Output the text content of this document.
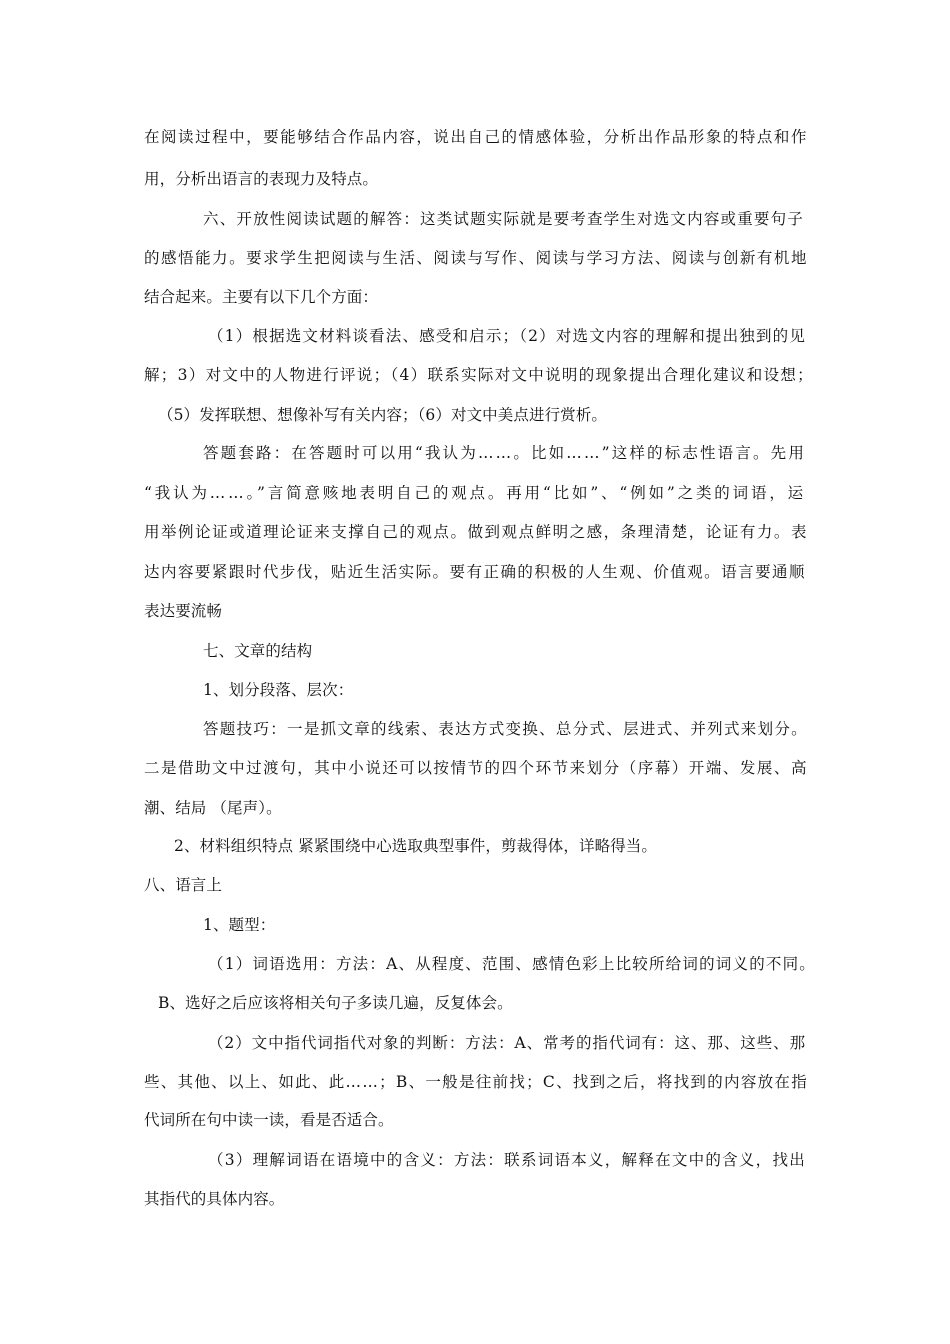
在阅读过程中，要能够结合作品内容，说出自己的情感体验，分析出作品形象的特点和作
用，分析出语言的表现力及特点。
六、开放性阅读试题的解答：这类试题实际就是要考查学生对选文内容或重要句子
的感悟能力。要求学生把阅读与生活、阅读与写作、阅读与学习方法、阅读与创新有机地
结合起来。主要有以下几个方面：
（1）根据选文材料谈看法、感受和启示；（2）对选文内容的理解和提出独到的见
解；3）对文中的人物进行评说；（4）联系实际对文中说明的现象提出合理化建议和设想；
（5）发挥联想、想像补写有关内容；（6）对文中美点进行赏析。
答题套路：在答题时可以用“我认为……。比如……”这样的标志性语言。先用
“我认为……。”言简意赅地表明自己的观点。再用“比如”、“例如”之类的词语，运
用举例论证或道理论证来支撑自己的观点。做到观点鲜明之感，条理清楚，论证有力。表
达内容要紧跟时代步伐，贴近生活实际。要有正确的积极的人生观、价值观。语言要通顺
表达要流畅
七、文章的结构
1、划分段落、层次：
答题技巧：一是抓文章的线索、表达方式变换、总分式、层进式、并列式来划分。
二是借助文中过渡句，其中小说还可以按情节的四个环节来划分（序幕）开端、发展、高
潮、结局 （尾声）。
2、材料组织特点 紧紧围绕中心选取典型事件，剪裁得体，详略得当。
八、语言上
1、题型：
（1）词语选用：方法：A、从程度、范围、感情色彩上比较所给词的词义的不同。
B、选好之后应该将相关句子多读几遍，反复体会。
（2）文中指代词指代对象的判断：方法：A、常考的指代词有：这、那、这些、那
些、其他、以上、如此、此……；B、一般是往前找；C、找到之后，将找到的内容放在指
代词所在句中读一读，看是否适合。
（3）理解词语在语境中的含义：方法：联系词语本义，解释在文中的含义，找出
其指代的具体内容。
